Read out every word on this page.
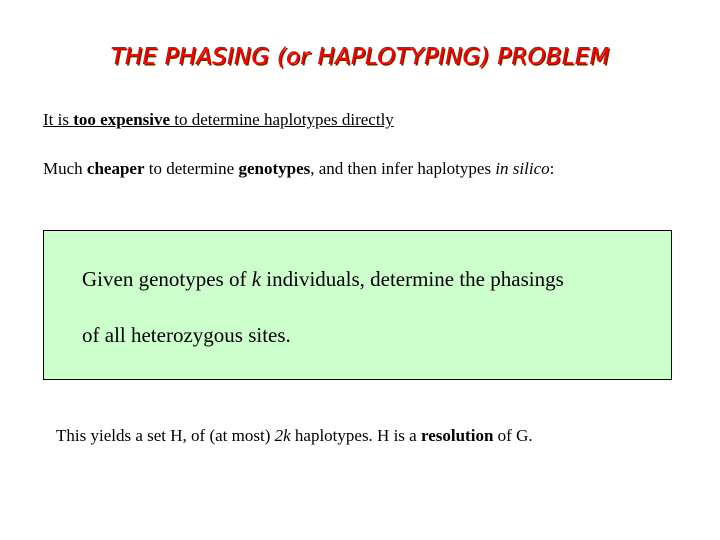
THE PHASING (or HAPLOTYPING) PROBLEM
It is too expensive to determine haplotypes directly
Much cheaper to determine genotypes, and then infer haplotypes in silico:
Given genotypes of k individuals, determine the phasings
of all heterozygous sites.
This yields a set H, of (at most) 2k haplotypes. H is a resolution of G.
